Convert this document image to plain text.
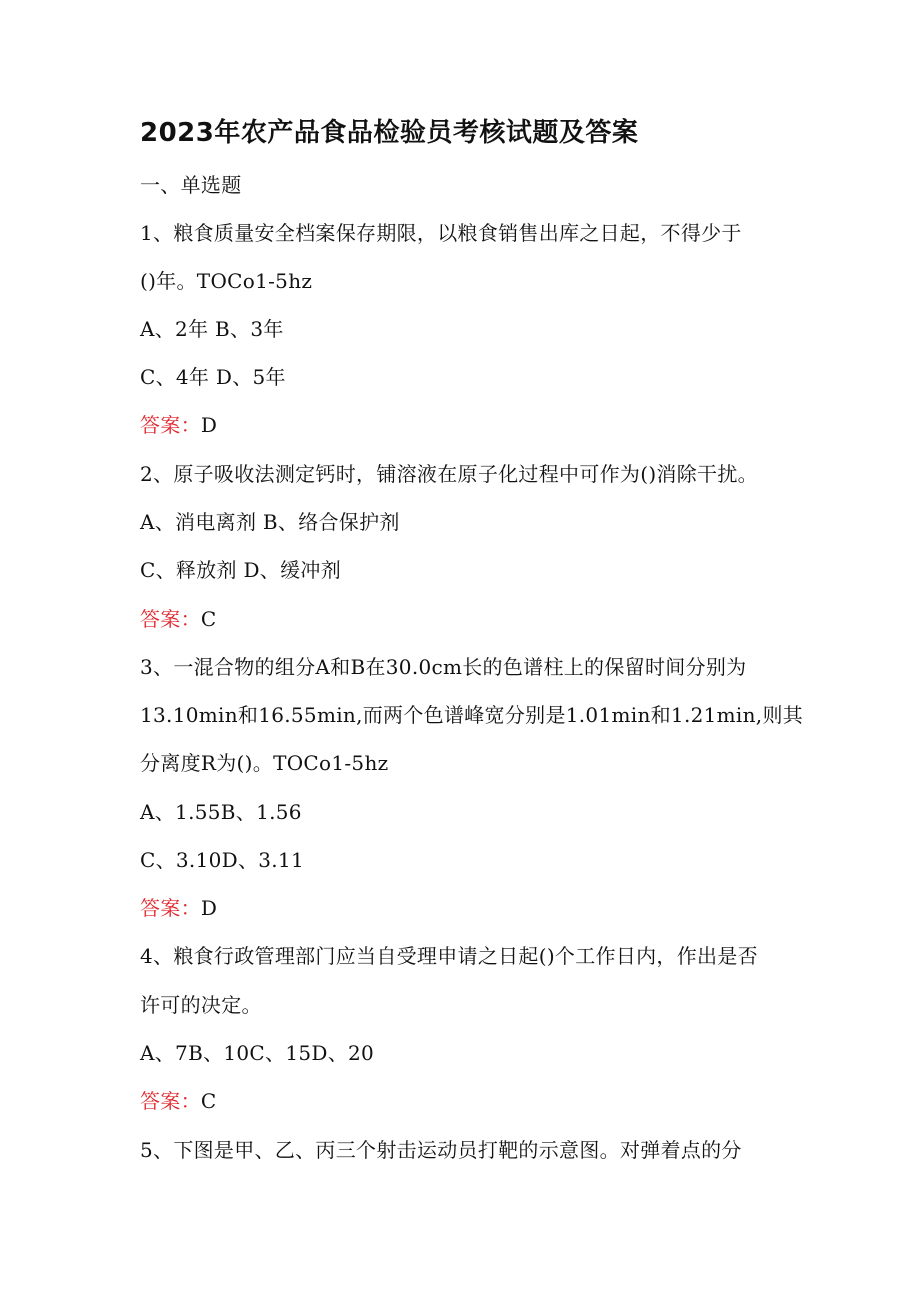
2023年农产品食品检验员考核试题及答案
一、单选题
1、粮食质量安全档案保存期限，以粮食销售出库之日起，不得少于
()年。TOCo1-5hz
A、2年 B、3年
C、4年 D、5年
答案：D
2、原子吸收法测定钙时，铺溶液在原子化过程中可作为()消除干扰。
A、消电离剂 B、络合保护剂
C、释放剂 D、缓冲剂
答案：C
3、一混合物的组分A和B在30.0cm长的色谱柱上的保留时间分别为
13.10min和16.55min,而两个色谱峰宽分别是1.01min和1.21min,则其
分离度R为()。TOCo1-5hz
A、1.55B、1.56
C、3.10D、3.11
答案：D
4、粮食行政管理部门应当自受理申请之日起()个工作日内，作出是否
许可的决定。
A、7B、10C、15D、20
答案：C
5、下图是甲、乙、丙三个射击运动员打靶的示意图。对弹着点的分
